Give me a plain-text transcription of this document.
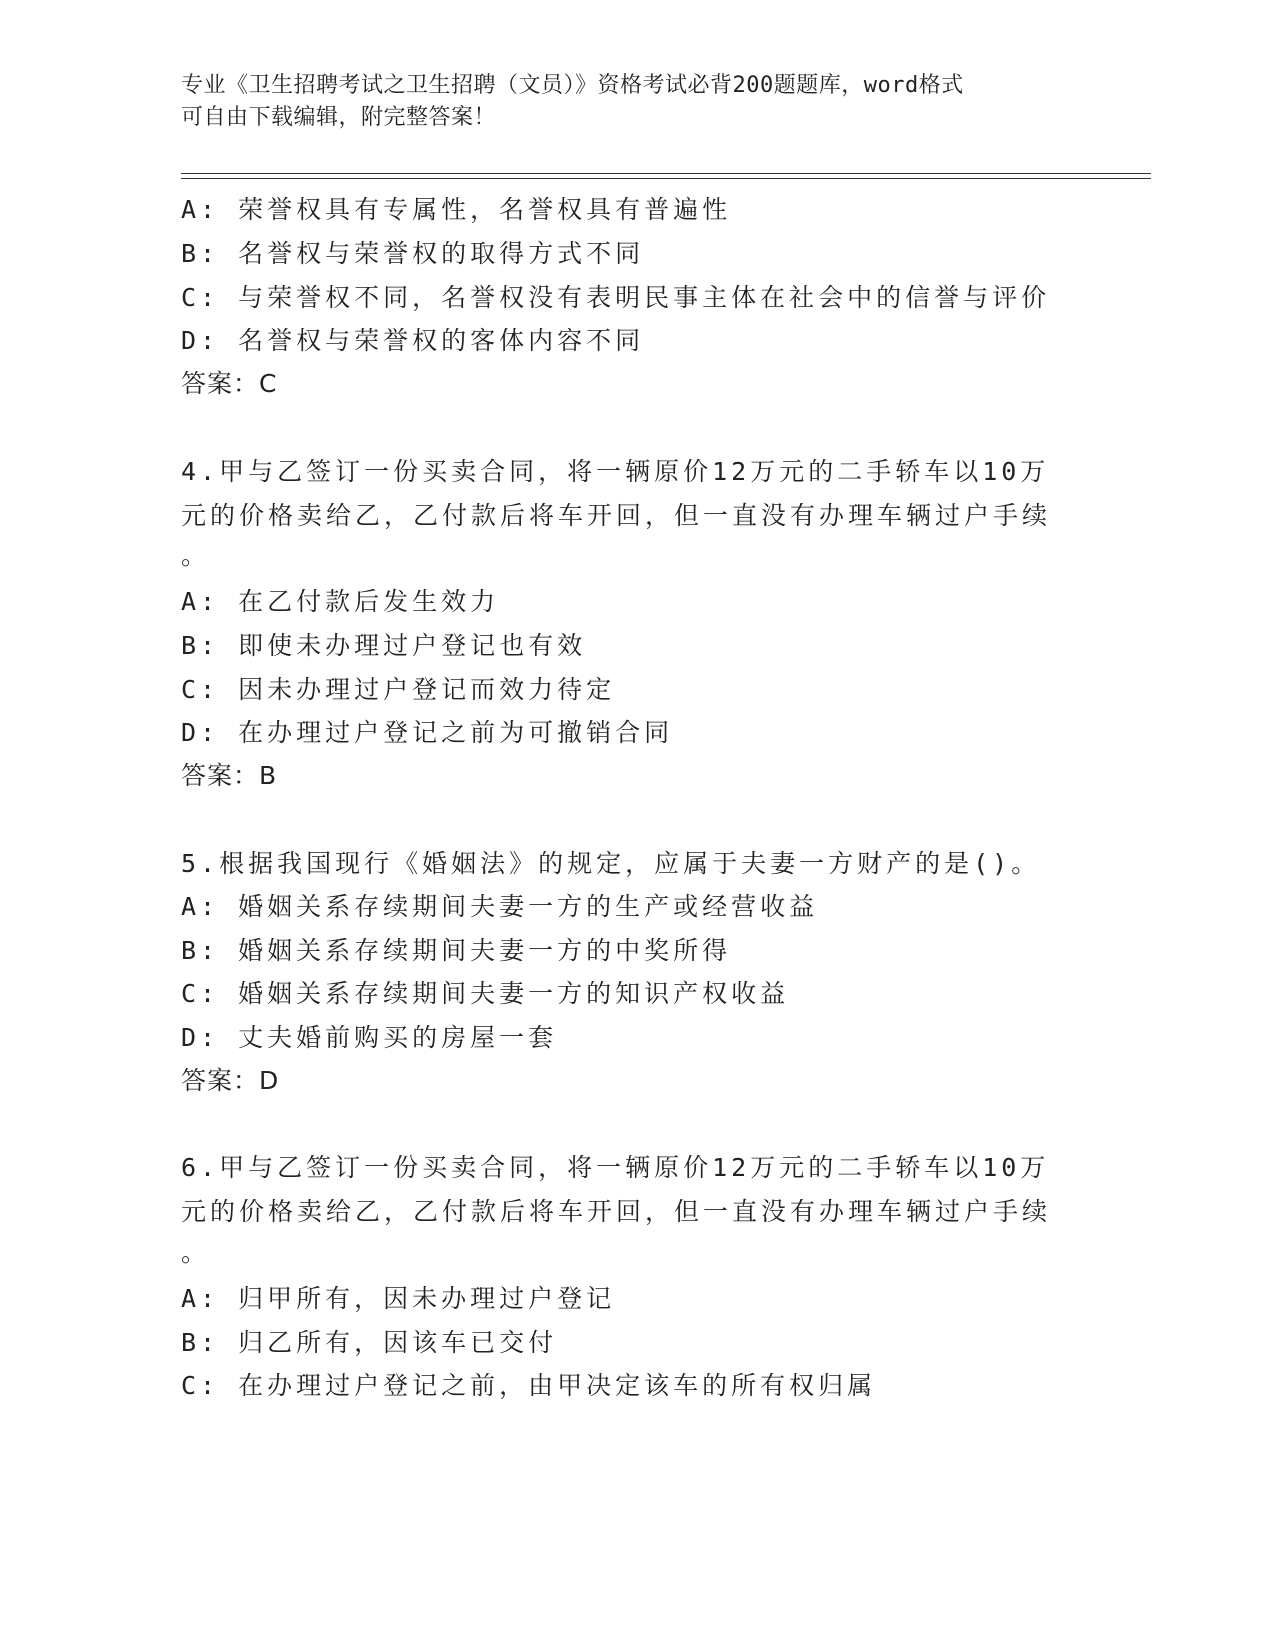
专业《卫生招聘考试之卫生招聘（文员）》资格考试必背200题题库，word格式
可自由下载编辑，附完整答案！
A: 荣誉权具有专属性，名誉权具有普遍性
B: 名誉权与荣誉权的取得方式不同
C: 与荣誉权不同，名誉权没有表明民事主体在社会中的信誉与评价
D: 名誉权与荣誉权的客体内容不同
答案：C
4.甲与乙签订一份买卖合同，将一辆原价12万元的二手轿车以10万
元的价格卖给乙，乙付款后将车开回，但一直没有办理车辆过户手续
。
A: 在乙付款后发生效力
B: 即使未办理过户登记也有效
C: 因未办理过户登记而效力待定
D: 在办理过户登记之前为可撤销合同
答案：B
5.根据我国现行《婚姻法》的规定，应属于夫妻一方财产的是()。
A: 婚姻关系存续期间夫妻一方的生产或经营收益
B: 婚姻关系存续期间夫妻一方的中奖所得
C: 婚姻关系存续期间夫妻一方的知识产权收益
D: 丈夫婚前购买的房屋一套
答案：D
6.甲与乙签订一份买卖合同，将一辆原价12万元的二手轿车以10万
元的价格卖给乙，乙付款后将车开回，但一直没有办理车辆过户手续
。
A: 归甲所有，因未办理过户登记
B: 归乙所有，因该车已交付
C: 在办理过户登记之前，由甲决定该车的所有权归属
